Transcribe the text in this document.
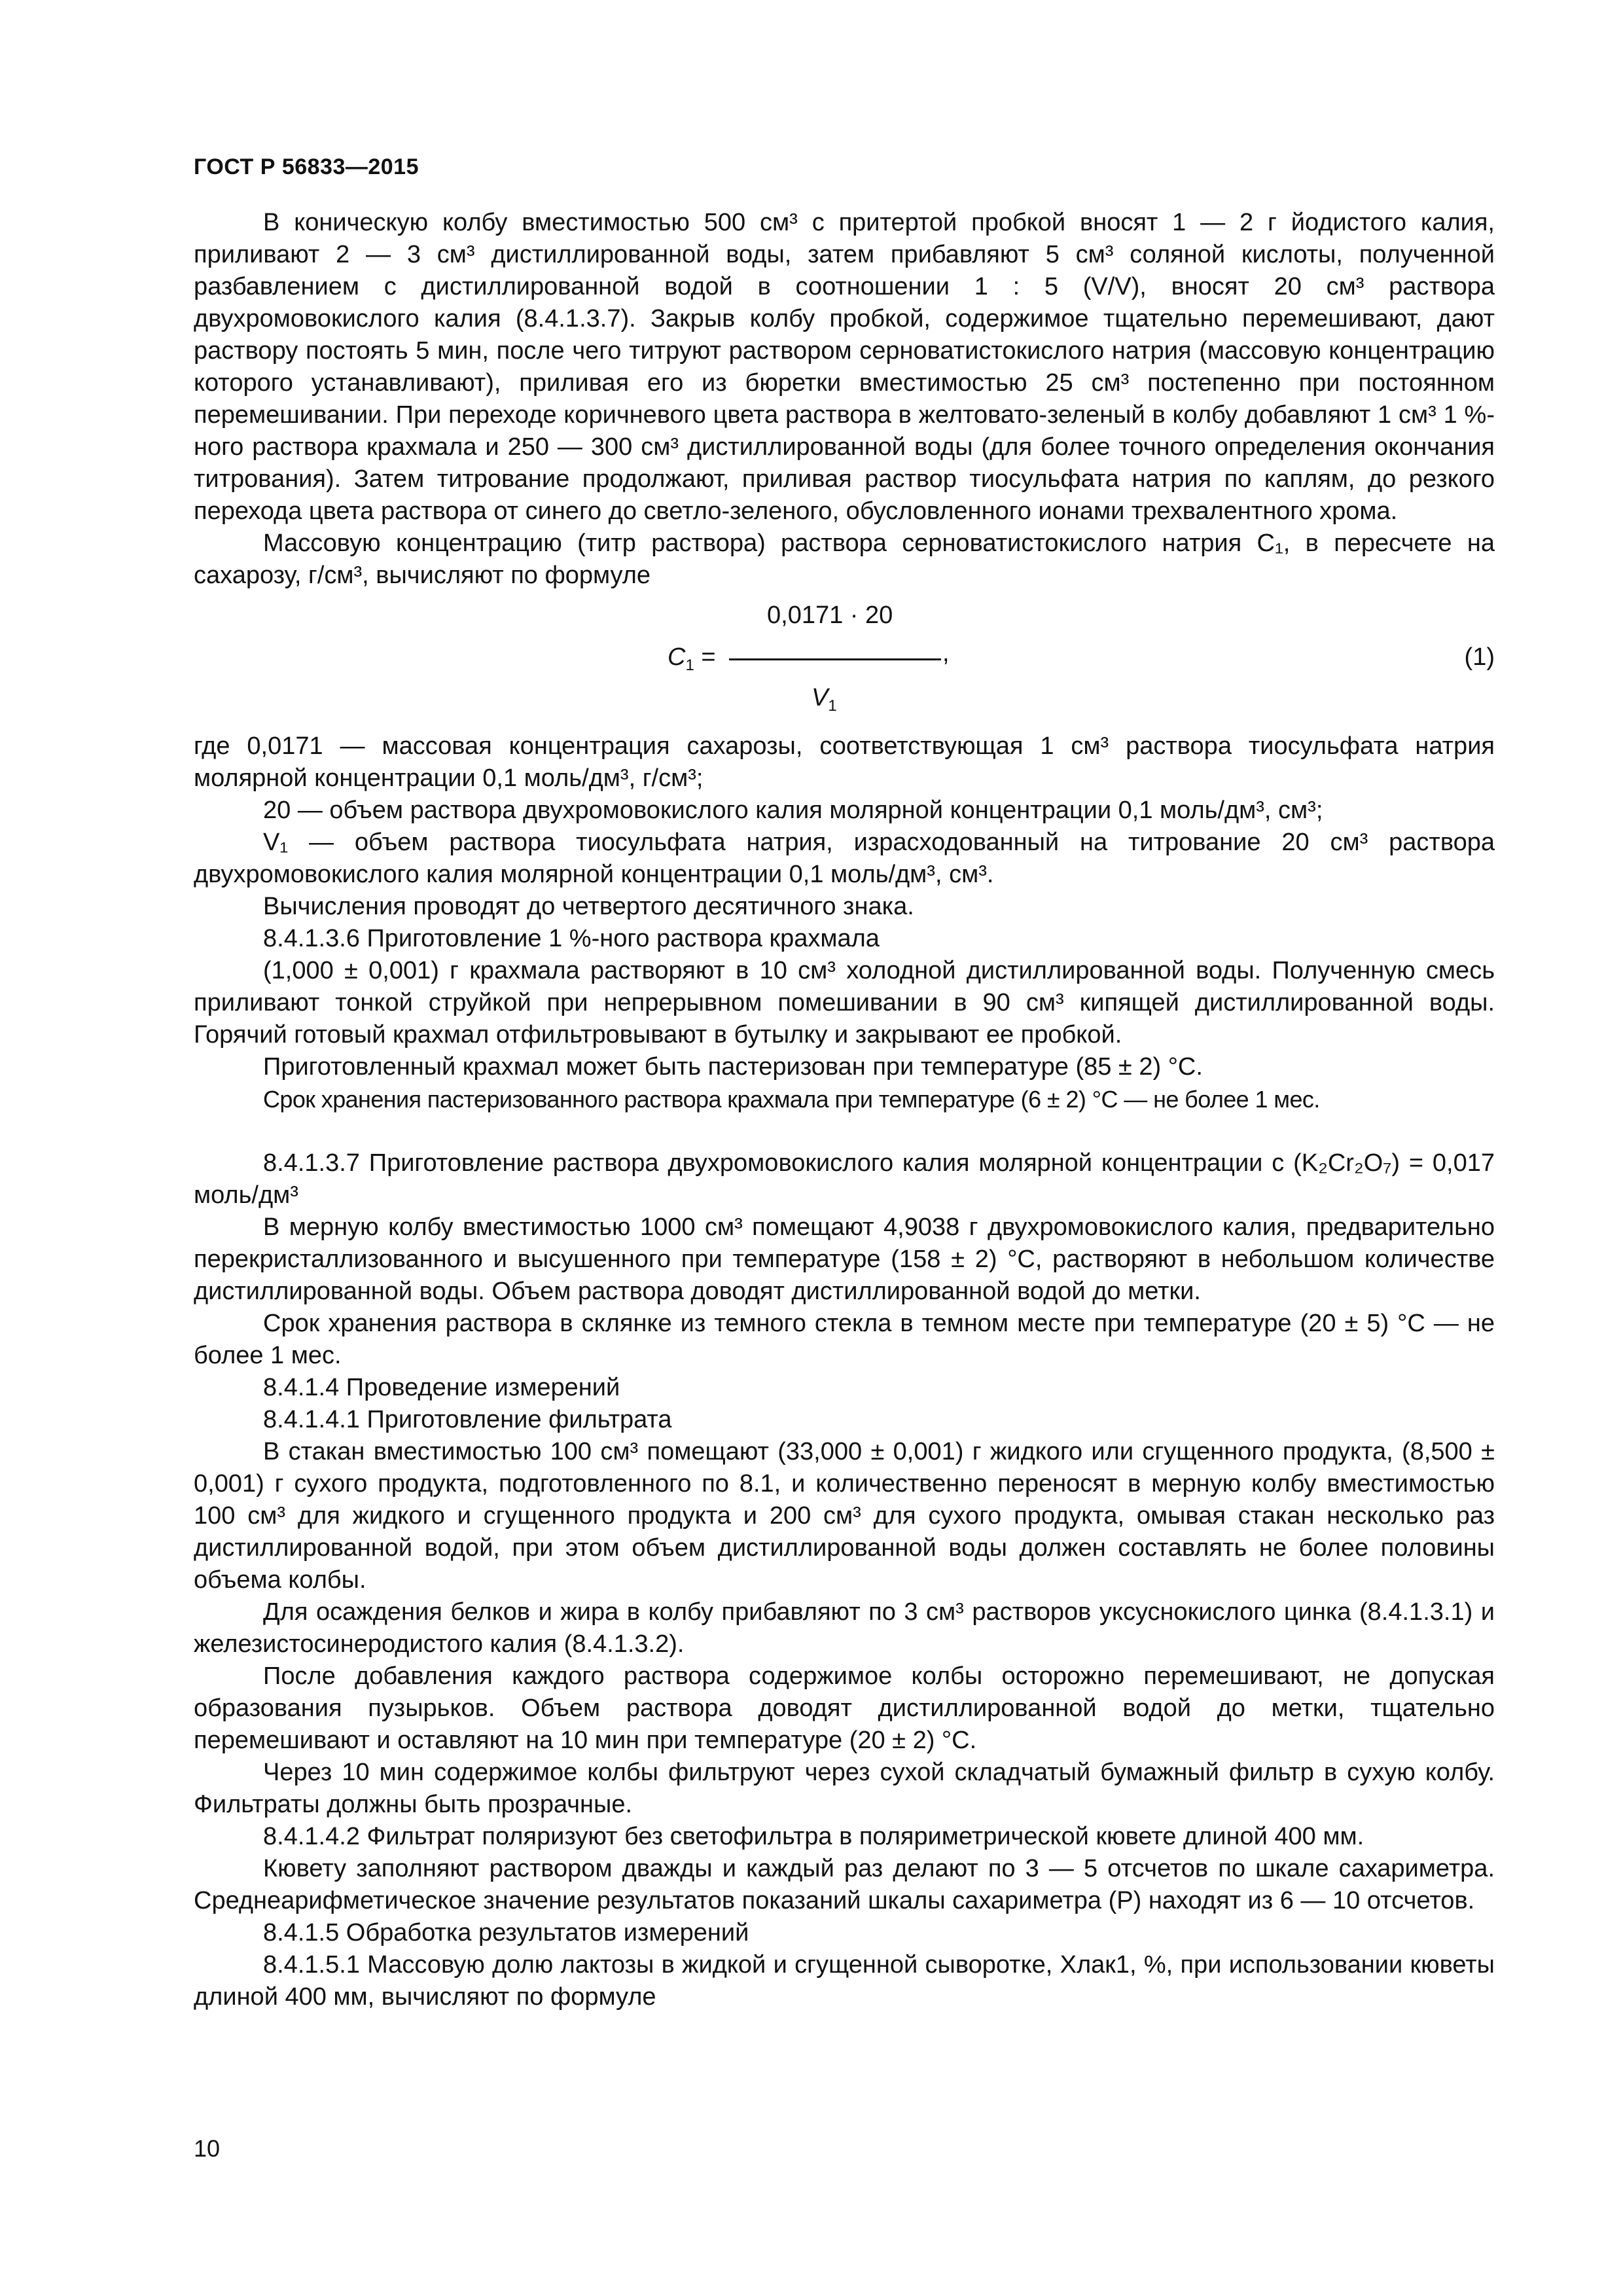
ГОСТ Р 56833—2015

В коническую колбу вместимостью 500 см³ с притертой пробкой вносят 1 — 2 г йодистого калия, приливают 2 — 3 см³ дистиллированной воды, затем прибавляют 5 см³ соляной кислоты, полученной разбавлением с дистиллированной водой в соотношении 1 : 5 (V/V), вносят 20 см³ раствора двухромовокислого калия (8.4.1.3.7). Закрыв колбу пробкой, содержимое тщательно перемешивают, дают раствору постоять 5 мин, после чего титруют раствором серноватистокислого натрия (массовую концентрацию которого устанавливают), приливая его из бюретки вместимостью 25 см³ постепенно при постоянном перемешивании. При переходе коричневого цвета раствора в желтовато-зеленый в колбу добавляют 1 см³ 1 %-ного раствора крахмала и 250 — 300 см³ дистиллированной воды (для более точного определения окончания титрования). Затем титрование продолжают, приливая раствор тиосульфата натрия по каплям, до резкого перехода цвета раствора от синего до светло-зеленого, обусловленного ионами трехвалентного хрома.

Массовую концентрацию (титр раствора) раствора серноватистокислого натрия С₁, в пересчете на сахарозу, г/см³, вычисляют по формуле

0,0171 · 20
$C_1$ =	,
$V_1$
(1)

где 0,0171 — массовая концентрация сахарозы, соответствующая 1 см³ раствора тиосульфата натрия молярной концентрации 0,1 моль/дм³, г/см³;

20 — объем раствора двухромовокислого калия молярной концентрации 0,1 моль/дм³, см³;

V₁ — объем раствора тиосульфата натрия, израсходованный на титрование 20 см³ раствора двухромовокислого калия молярной концентрации 0,1 моль/дм³, см³.

Вычисления проводят до четвертого десятичного знака.

8.4.1.3.6 Приготовление 1 %-ного раствора крахмала

(1,000 ± 0,001) г крахмала растворяют в 10 см³ холодной дистиллированной воды. Полученную смесь приливают тонкой струйкой при непрерывном помешивании в 90 см³ кипящей дистиллированной воды. Горячий готовый крахмал отфильтровывают в бутылку и закрывают ее пробкой.

Приготовленный крахмал может быть пастеризован при температуре (85 ± 2) °С.

Срок хранения пастеризованного раствора крахмала при температуре (6 ± 2) °С — не более 1 мес.

8.4.1.3.7 Приготовление раствора двухромовокислого калия молярной концентрации c (K₂Cr₂O₇) = 0,017 моль/дм³

В мерную колбу вместимостью 1000 см³ помещают 4,9038 г двухромовокислого калия, предварительно перекристаллизованного и высушенного при температуре (158 ± 2) °С, растворяют в небольшом количестве дистиллированной воды. Объем раствора доводят дистиллированной водой до метки.

Срок хранения раствора в склянке из темного стекла в темном месте при температуре (20 ± 5) °С — не более 1 мес.

8.4.1.4 Проведение измерений

8.4.1.4.1 Приготовление фильтрата

В стакан вместимостью 100 см³ помещают (33,000 ± 0,001) г жидкого или сгущенного продукта, (8,500 ± 0,001) г сухого продукта, подготовленного по 8.1, и количественно переносят в мерную колбу вместимостью 100 см³ для жидкого и сгущенного продукта и 200 см³ для сухого продукта, омывая стакан несколько раз дистиллированной водой, при этом объем дистиллированной воды должен составлять не более половины объема колбы.

Для осаждения белков и жира в колбу прибавляют по 3 см³ растворов уксуснокислого цинка (8.4.1.3.1) и железистосинеродистого калия (8.4.1.3.2).

После добавления каждого раствора содержимое колбы осторожно перемешивают, не допуская образования пузырьков. Объем раствора доводят дистиллированной водой до метки, тщательно перемешивают и оставляют на 10 мин при температуре (20 ± 2) °С.

Через 10 мин содержимое колбы фильтруют через сухой складчатый бумажный фильтр в сухую колбу. Фильтраты должны быть прозрачные.

8.4.1.4.2 Фильтрат поляризуют без светофильтра в поляриметрической кювете длиной 400 мм.

Кювету заполняют раствором дважды и каждый раз делают по 3 — 5 отсчетов по шкале сахариметра. Среднеарифметическое значение результатов показаний шкалы сахариметра (Р) находят из 6 — 10 отсчетов.

8.4.1.5 Обработка результатов измерений

8.4.1.5.1 Массовую долю лактозы в жидкой и сгущенной сыворотке, Xлак1, %, при использовании кюветы длиной 400 мм, вычисляют по формуле

10
